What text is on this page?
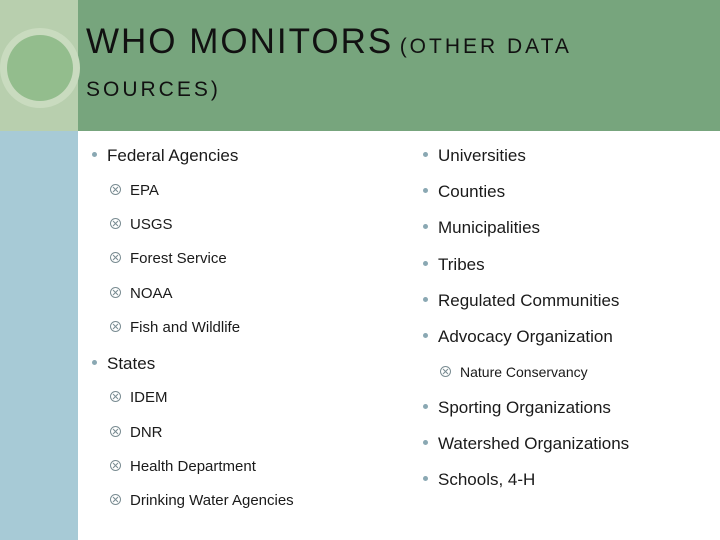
WHO MONITORS (OTHER DATA
SOURCES)
Federal Agencies
EPA
USGS
Forest Service
NOAA
Fish and Wildlife
States
IDEM
DNR
Health Department
Drinking Water Agencies
Universities
Counties
Municipalities
Tribes
Regulated Communities
Advocacy Organization
Nature Conservancy
Sporting Organizations
Watershed Organizations
Schools, 4-H
